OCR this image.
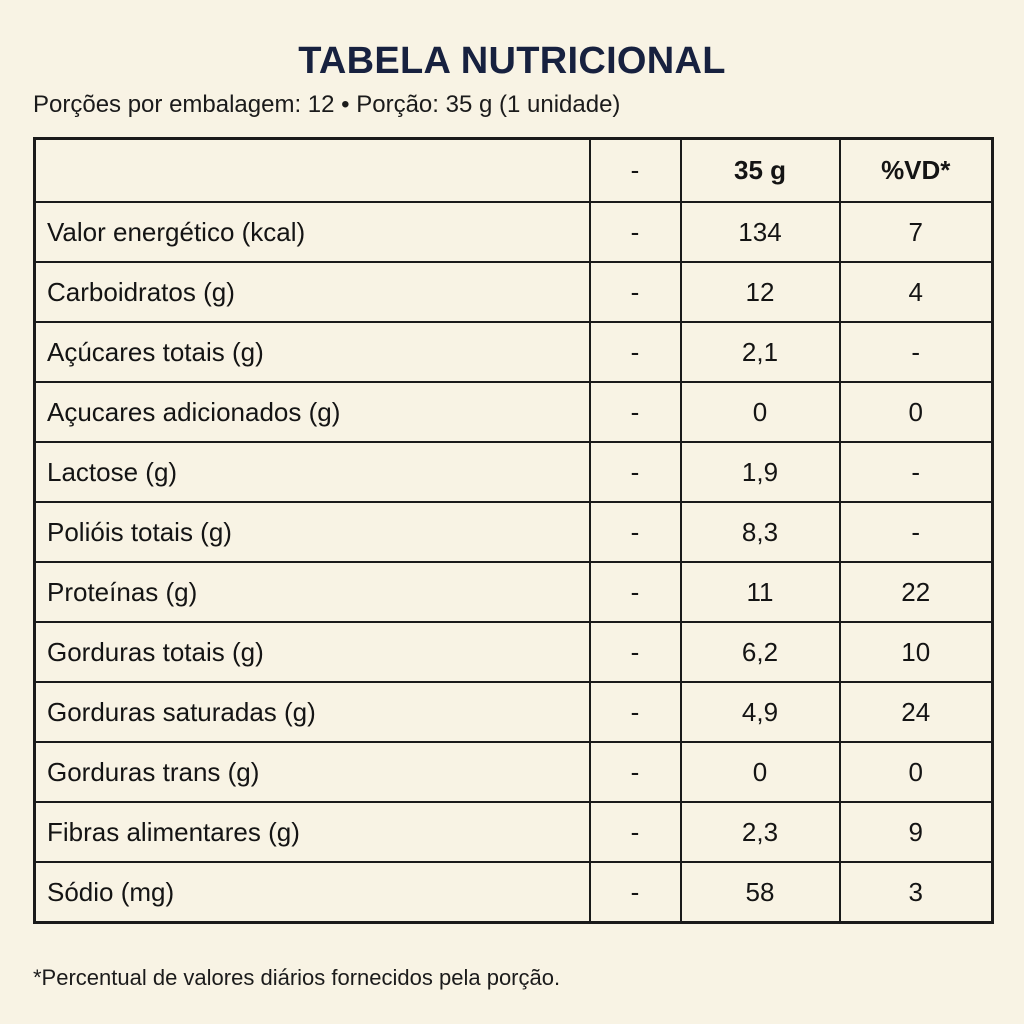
TABELA NUTRICIONAL
Porções por embalagem: 12 • Porção: 35 g (1 unidade)
	-	35 g	%VD*
Valor energético (kcal)	-	134	7
Carboidratos (g)	-	12	4
Açúcares totais (g)	-	2,1	-
Açucares adicionados (g)	-	0	0
Lactose (g)	-	1,9	-
Polióis totais (g)	-	8,3	-
Proteínas (g)	-	11	22
Gorduras totais (g)	-	6,2	10
Gorduras saturadas (g)	-	4,9	24
Gorduras trans (g)	-	0	0
Fibras alimentares (g)	-	2,3	9
Sódio (mg)	-	58	3
*Percentual de valores diários fornecidos pela porção.
